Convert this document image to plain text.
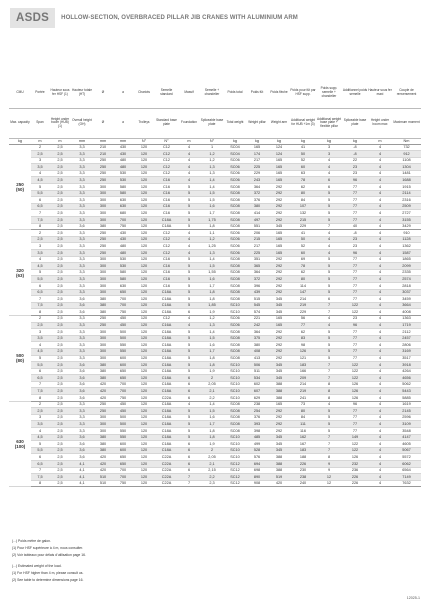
ASDS	HOLLOW-SECTION, OVERBRACED PILLAR JIB CRANES WITH ALUMINIUM ARM
CMU	Portée	Hauteur sous fer HSF (1)	Hauteur totale (HT)	Ø	a	Chariots	Semelle standard	Massif	Semelle + chandelier	Poids total	Poids fût	Poids flèche	Poids pour fût par HSF supp.	Poids supp. semelle + chandelier	Additionnel poids semelle	Hauteur sous fer maxi	Couple de renversement
Max. capacity	Span	Height under boom (HUB) (1)	Overall height (OH)	Ø	a	Trolleys	Standard base plate	Foundation	Spliceable base plate	Total weight	Weight pillar	Weight arm	Additional weight for HUB +1m (3)	Additional weight base plate + flexible pillar	Spliceable base plate	Height under boom max	Maximum moment
kg	m	m	mm	mm	mm	N°	N°	m	N°	kg	kg	kg	kg	kg	kg	m	Nm
250
(50)	2	2,5	3,3	210	430	120	C12	4	1	SC04	165	124	41	3	-8	4	732
	2,5	2,5	3,3	210	430	120	C12	4	1,2	SC04	174	124	50	3	-8	4	912
	3	2,5	3,3	250	480	120	C12	4	1,2	SC06	217	165	52	4	22	4	1108
	3,5	2,5	3,3	250	480	120	C12	4	1,3	SC06	225	165	60	4	23	4	1304
	4	2,5	3,3	250	530	120	C12	4	1,3	SC06	229	165	63	4	23	4	1481
	4,5	2,5	3,3	250	530	120	C16	4	1,4	SC06	243	165	78	6	96	4	1688
	5	2,5	3,3	300	580	120	C16	5	1,4	SC08	364	292	62	6	77	4	1915
	5,5	2,5	3,3	300	580	120	C16	5	1,5	SC08	372	292	80	5	77	4	2114
	6	2,5	3,3	300	630	120	C16	5	1,5	SC08	376	292	84	5	77	4	2316
	6,5	2,5	3,3	300	630	120	C16	5	1,6	SC08	380	292	107	5	77	4	2509
	7	2,5	3,3	300	680	120	C16	5	1,7	SC08	414	292	132	5	77	4	2727
	7,5	2,5	3,3	300	700	120	C18A	5	1,75	SC08	497	292	215	5	77	4	3155
	8	2,5	3,6	380	750	120	C18A	5	1,8	SC08	551	345	229	7	40	4	3429
320
(63)	2	2,5	3,3	250	430	120	C12	4	1,1	SC06	206	165	41	4	-8	4	910
	2,5	2,5	3,3	250	430	120	C12	4	1,2	SC06	215	165	50	4	23	4	1128
	3	2,5	3,3	250	480	120	C12	4	1,25	SC06	217	165	52	4	23	4	1362
	3,5	2,5	3,3	250	480	120	C12	4	1,3	SC06	225	165	60	4	96	4	1587
	4	2,5	3,3	300	530	120	C16	5	1,4	SC08	351	292	69	5	77	4	1865
	4,5	2,5	3,3	300	530	120	C16	5	1,5	SC08	365	292	78	5	77	4	2099
	5	2,5	3,3	300	580	120	C16	5	1,55	SC08	364	292	62	5	77	4	2335
	5,5	2,5	3,3	300	580	120	C16	5	1,6	SC08	372	292	80	5	77	4	2574
	6	2,5	3,3	300	630	120	C16	5	1,7	SC08	396	292	114	5	77	4	2818
	6,5	2,5	3,3	300	650	120	C18A	5	1,8	SC08	439	292	147	5	77	4	3037
	7	2,5	3,6	380	700	120	C18A	5	1,8	SC08	515	345	214	6	77	4	3459
	7,5	2,5	3,6	380	700	120	C18A	5	1,85	SC10	545	345	219	7	122	4	3664
	8	2,5	3,6	380	750	120	C18A	6	1,9	SC10	574	345	229	7	122	4	4008
500
(80)	2	2,5	3,3	250	450	120	C12	4	1,2	SC06	221	165	56	4	23	4	1363
	2,5	2,5	3,3	250	450	120	C16A	4	1,3	SC06	242	165	77	4	96	4	1719
	3	2,5	3,3	300	500	120	C18A	5	1,4	SC08	364	292	62	5	77	4	2112
	3,5	2,5	3,3	300	500	120	C18A	5	1,5	SC08	375	292	83	5	77	4	2457
	4	2,5	3,3	300	550	120	C18A	5	1,6	SC08	380	292	98	5	77	4	2806
	4,5	2,5	3,3	300	550	120	C18A	5	1,7	SC08	408	292	126	5	77	4	3169
	5	2,5	3,3	300	600	120	C18A	5	1,8	SC08	413	292	121	5	77	4	3517
	5,5	2,5	3,6	380	600	120	C18A	5	1,8	SC10	506	345	183	7	122	4	3918
	6	2,5	3,6	380	650	120	C18A	5	1,9	SC10	511	345	166	7	122	4	4264
	6,5	2,5	3,6	380	650	120	C18A	6	2	SC10	534	345	209	7	122	4	4656
	7	2,5	3,6	420	700	120	C18A	6	2,05	SC10	602	388	214	8	126	4	5062
	7,5	2,5	3,6	420	700	120	C18A	6	2,1	SC10	607	388	219	8	126	4	5443
	8	2,5	3,6	420	750	120	C22A	6	2,2	SC10	629	388	241	8	126	4	5885
630
(100)	2	2,5	3,3	250	450	120	C18A	4	1,4	SC08	238	165	73	4	96	4	1619
	2,5	2,5	3,3	250	450	120	C18A	5	1,5	SC08	254	292	80	5	77	4	2145
	3	2,5	3,3	300	500	120	C18A	5	1,6	SC08	376	292	84	5	77	4	2596
	3,5	2,5	3,3	300	500	120	C18A	5	1,7	SC08	393	292	111	5	77	4	3109
	4	2,5	3,3	300	550	120	C18A	5	1,8	SC08	398	292	116	5	77	4	3548
	4,5	2,5	3,6	380	550	120	C18A	5	1,8	SC10	485	345	162	7	149	4	4147
	5	2,5	3,6	380	600	120	C18A	6	1,9	SC10	499	345	167	7	122	4	4605
	5,5	2,5	3,6	380	600	120	C18A	6	2	SC10	528	345	183	7	122	4	5067
	6	2,5	3,6	420	650	120	C22A	6	2,05	SC10	576	388	188	8	126	4	5572
	6,5	2,5	4,1	420	650	120	C22A	6	2,1	SC12	694	388	226	9	232	4	6062
	7	2,5	4,1	420	700	120	C22A	6	2,15	SC12	698	388	230	9	236	4	6564
	7,5	2,5	4,1	510	700	120	C22A	7	2,2	SC12	890	519	238	12	226	4	7149
	8	2,5	4,1	510	750	120	C22A	7	2,3	SC12	908	420	240	12	226	4	7632

(...) Poids mètre de galon.

(1) Pour HSF supérieure à 4 m, nous consulter.

(2) Voir tableaux pour délais d'utilisation page 16.

(...) Estimated weight of the load.

(1) For HSF higher than 4 m, please consult us.

(2) See table to determine dimensions page 16.

12025-1
